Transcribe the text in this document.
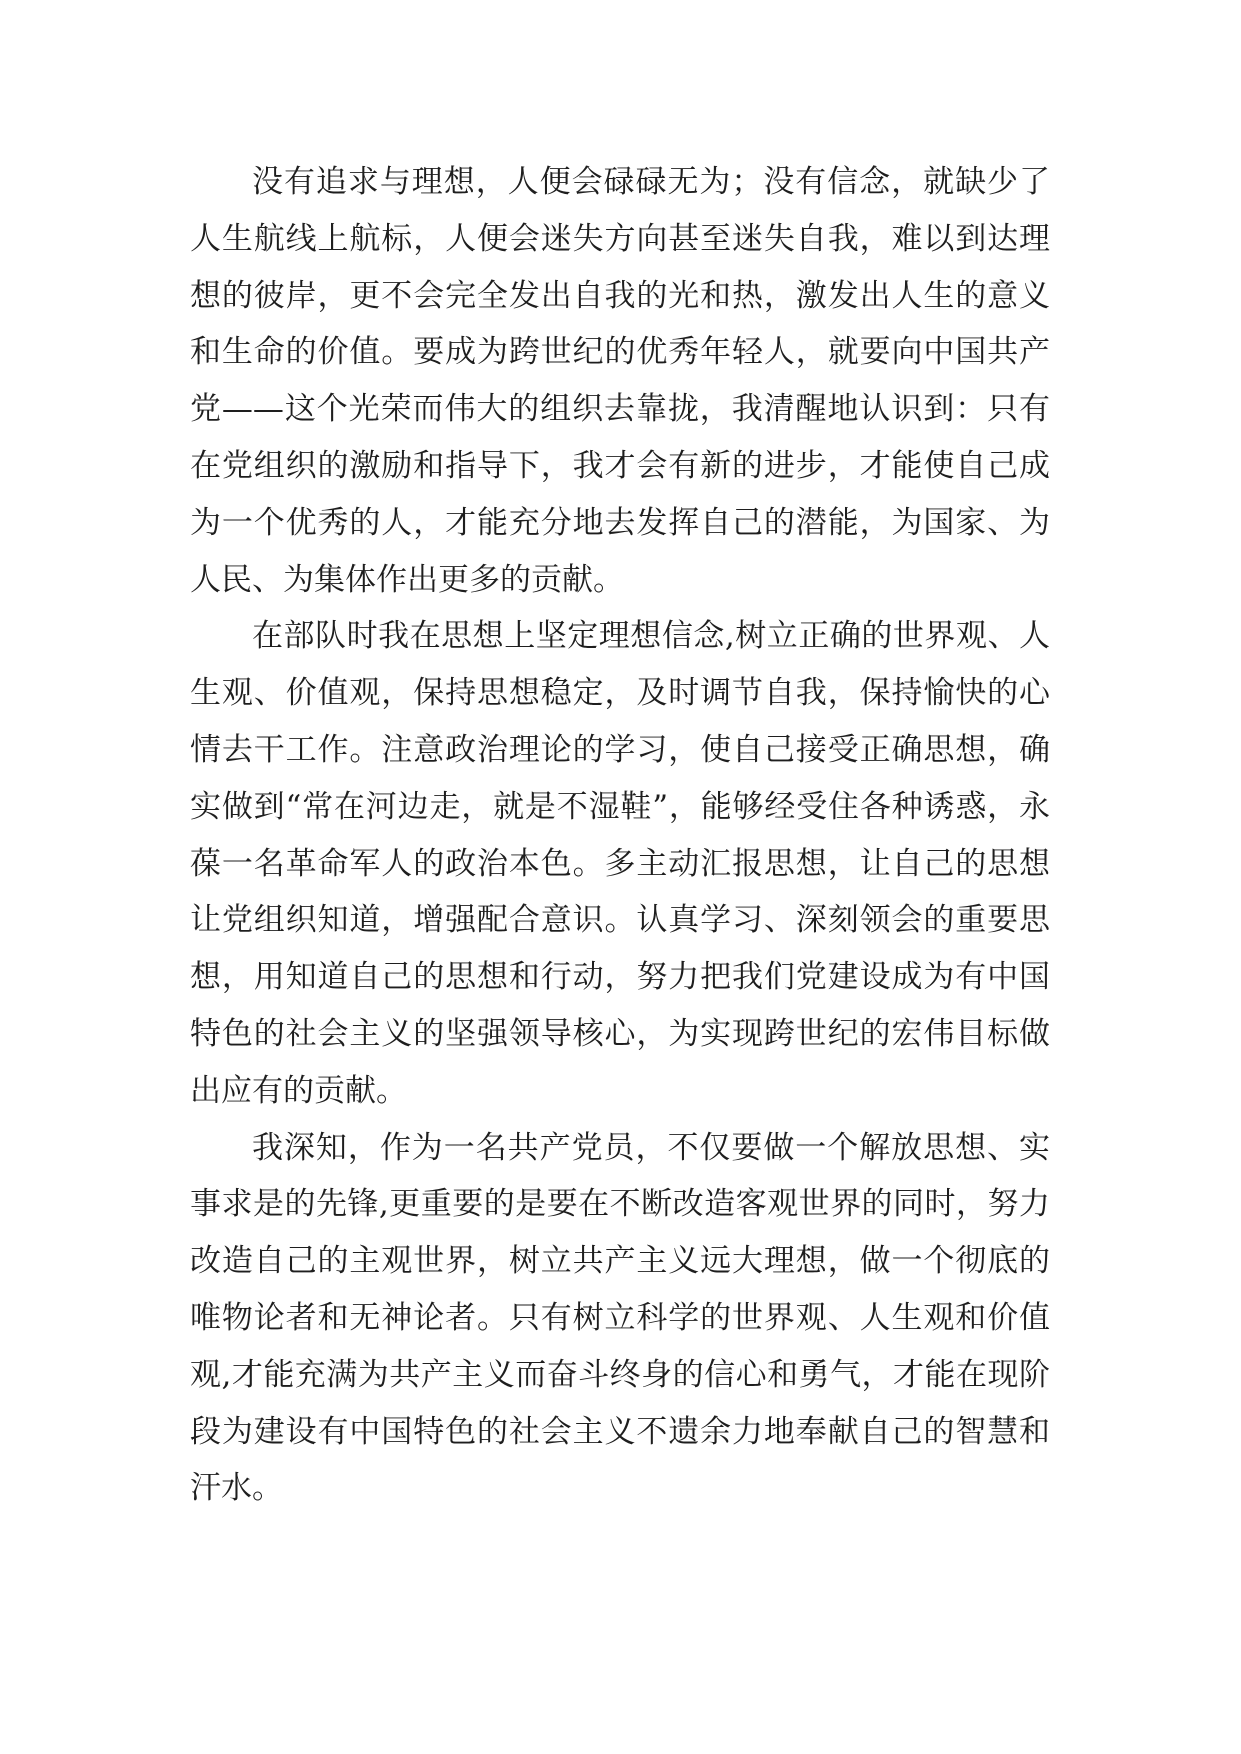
没有追求与理想，人便会碌碌无为；没有信念，就缺少了人生航线上航标，人便会迷失方向甚至迷失自我，难以到达理想的彼岸，更不会完全发出自我的光和热，激发出人生的意义和生命的价值。要成为跨世纪的优秀年轻人，就要向中国共产党——这个光荣而伟大的组织去靠拢，我清醒地认识到：只有在党组织的激励和指导下，我才会有新的进步，才能使自己成为一个优秀的人，才能充分地去发挥自己的潜能，为国家、为人民、为集体作出更多的贡献。

在部队时我在思想上坚定理想信念,树立正确的世界观、人生观、价值观，保持思想稳定，及时调节自我，保持愉快的心情去干工作。注意政治理论的学习，使自己接受正确思想，确实做到“常在河边走，就是不湿鞋”，能够经受住各种诱惑，永葆一名革命军人的政治本色。多主动汇报思想，让自己的思想让党组织知道，增强配合意识。认真学习、深刻领会的重要思想，用知道自己的思想和行动，努力把我们党建设成为有中国特色的社会主义的坚强领导核心，为实现跨世纪的宏伟目标做出应有的贡献。

我深知，作为一名共产党员，不仅要做一个解放思想、实事求是的先锋,更重要的是要在不断改造客观世界的同时，努力改造自己的主观世界，树立共产主义远大理想，做一个彻底的唯物论者和无神论者。只有树立科学的世界观、人生观和价值观,才能充满为共产主义而奋斗终身的信心和勇气，才能在现阶段为建设有中国特色的社会主义不遗余力地奉献自己的智慧和汗水。
